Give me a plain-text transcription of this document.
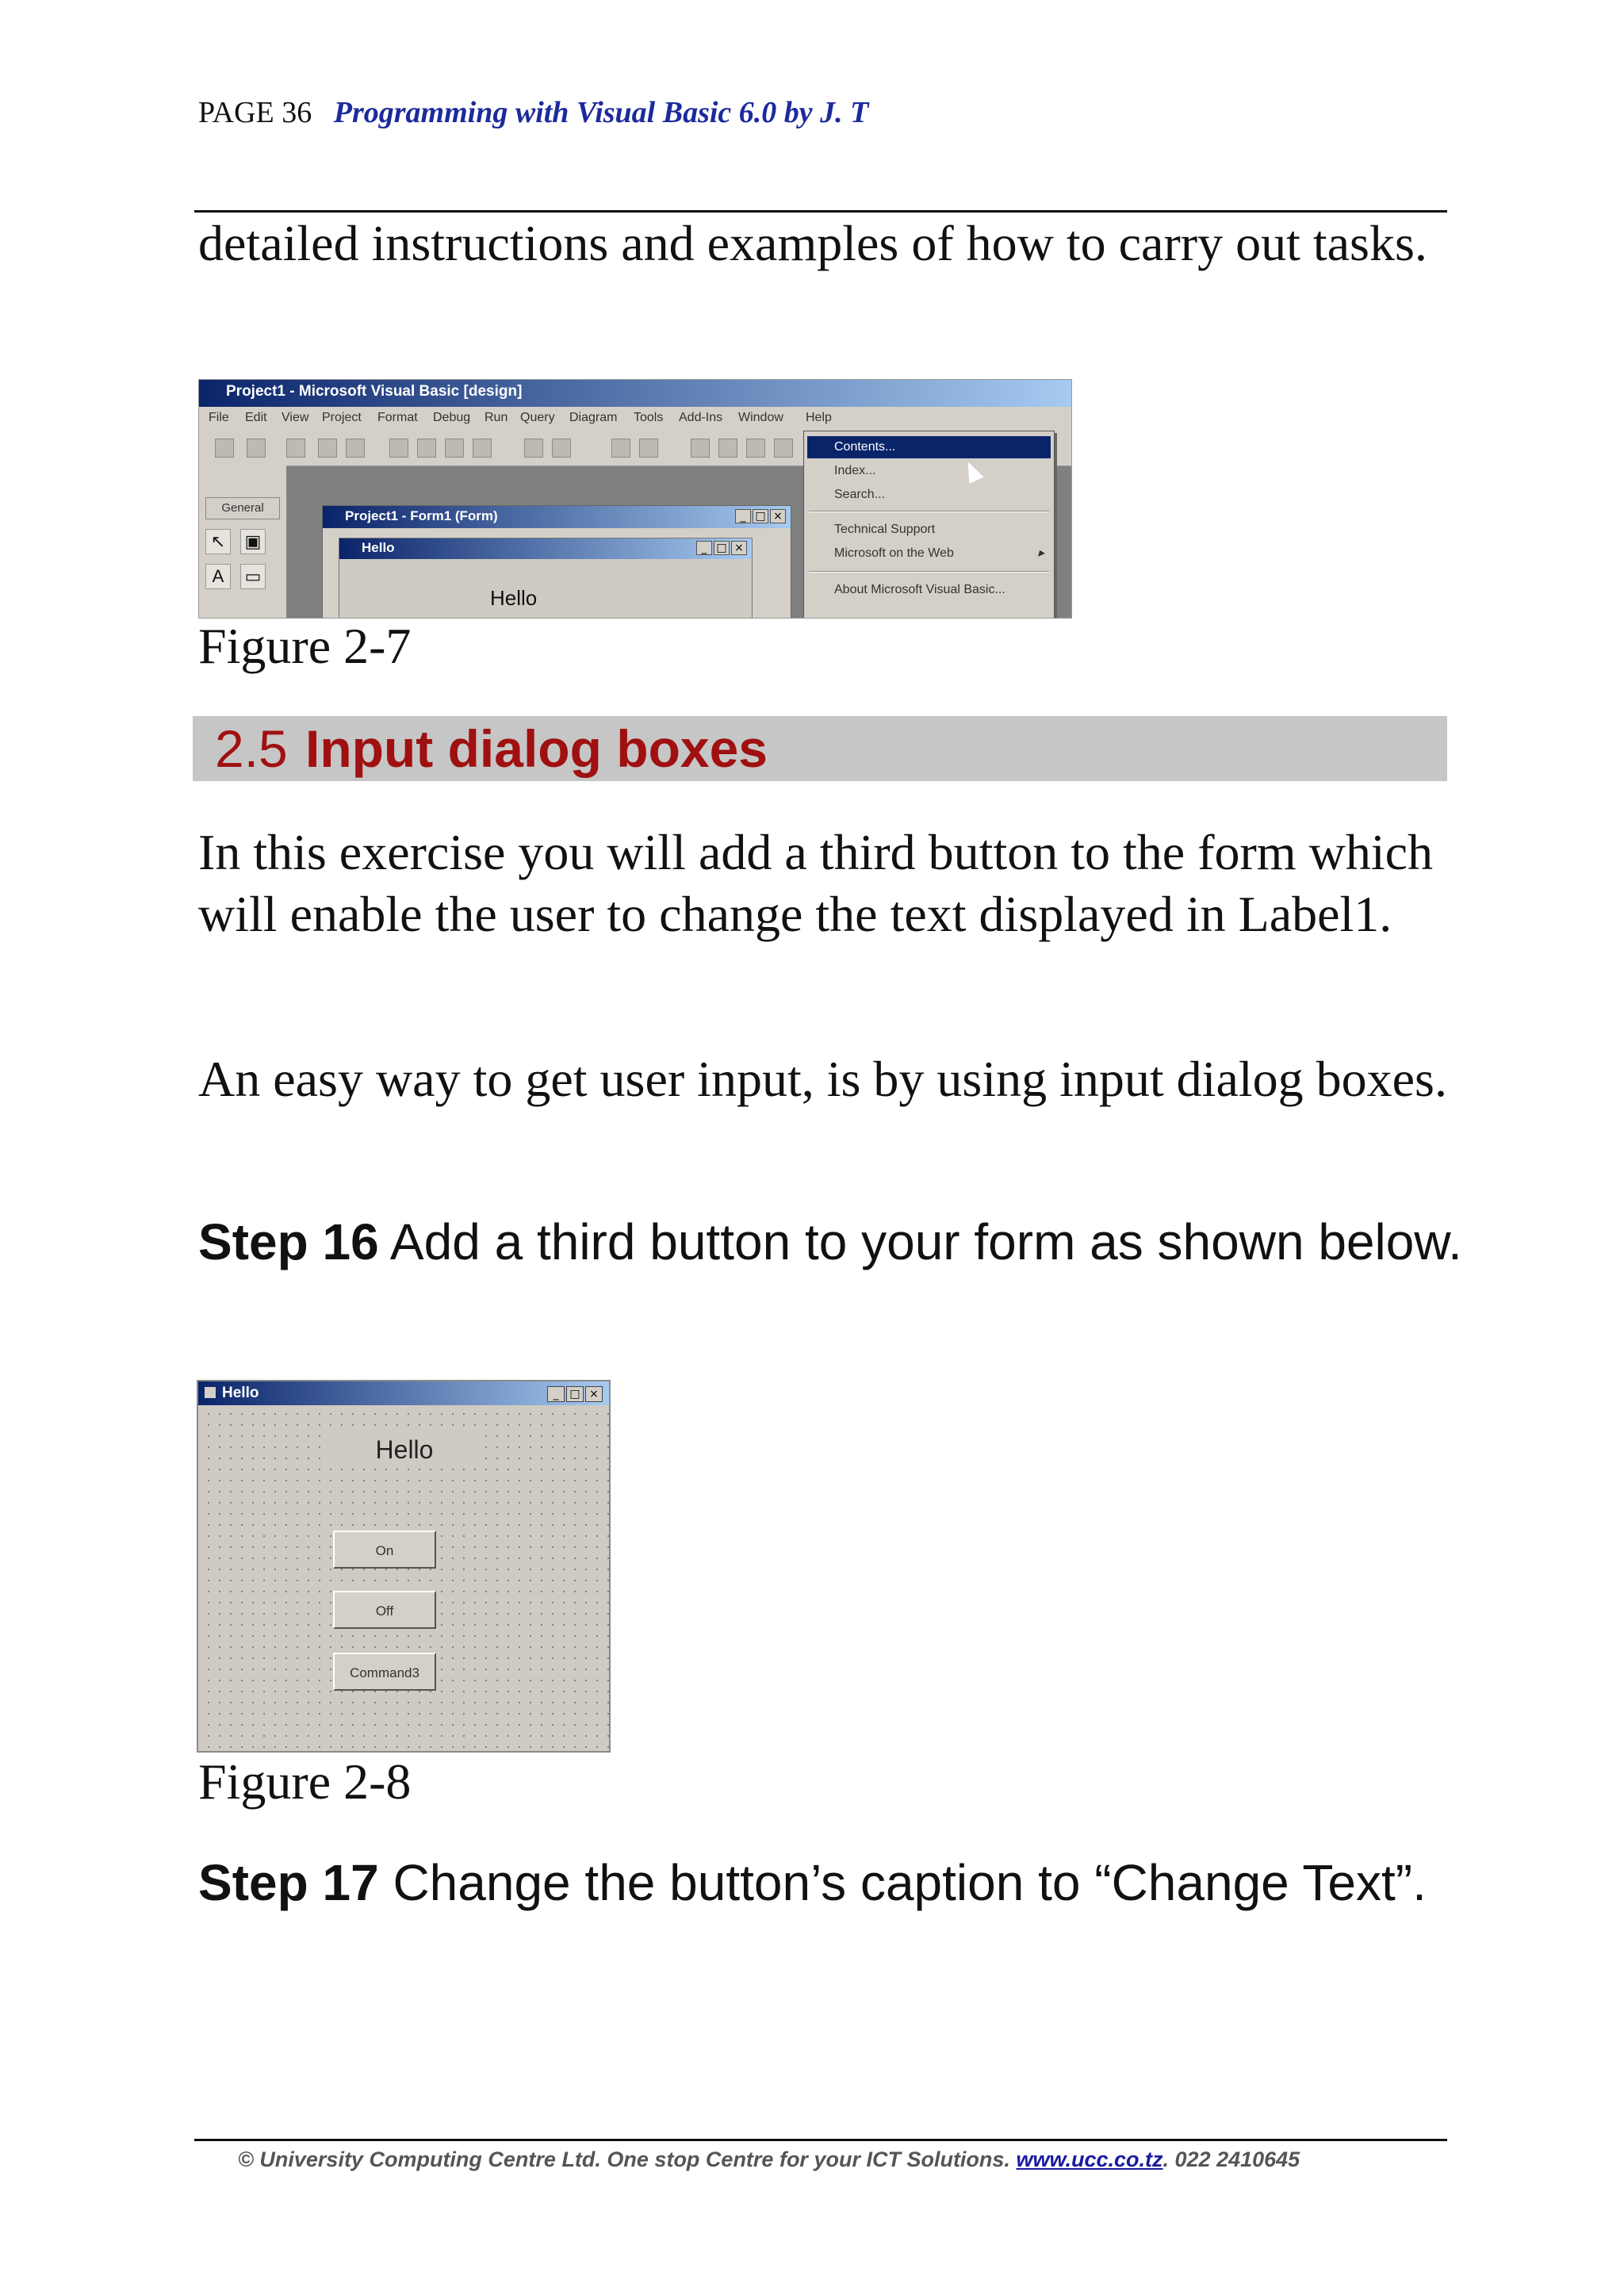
PAGE 36 Programming with Visual Basic 6.0 by J. T
detailed instructions and examples of how to carry out tasks.
Project1 - Microsoft Visual Basic [design]
File Edit View Project Format Debug Run Query Diagram Tools Add-Ins Window Help
General
↖	▣
A	▭
Project1 - Form1 (Form)	_ □ ×
Hello	_ □ ×
Hello
Contents...
Index...
Search...
Technical Support
Microsoft on the Web	▸
About Microsoft Visual Basic...
Figure 2-7
2.5 Input dialog boxes
In this exercise you will add a third button to the form which will enable the user to change the text displayed in Label1.
An easy way to get user input, is by using input dialog boxes.
Step 16 Add a third button to your form as shown below.
Hello	_ □ ×
Hello
On
Off
Command3
Figure 2-8
Step 17 Change the button’s caption to “Change Text”.
© University Computing Centre Ltd. One stop Centre for your ICT Solutions. www.ucc.co.tz. 022 2410645
